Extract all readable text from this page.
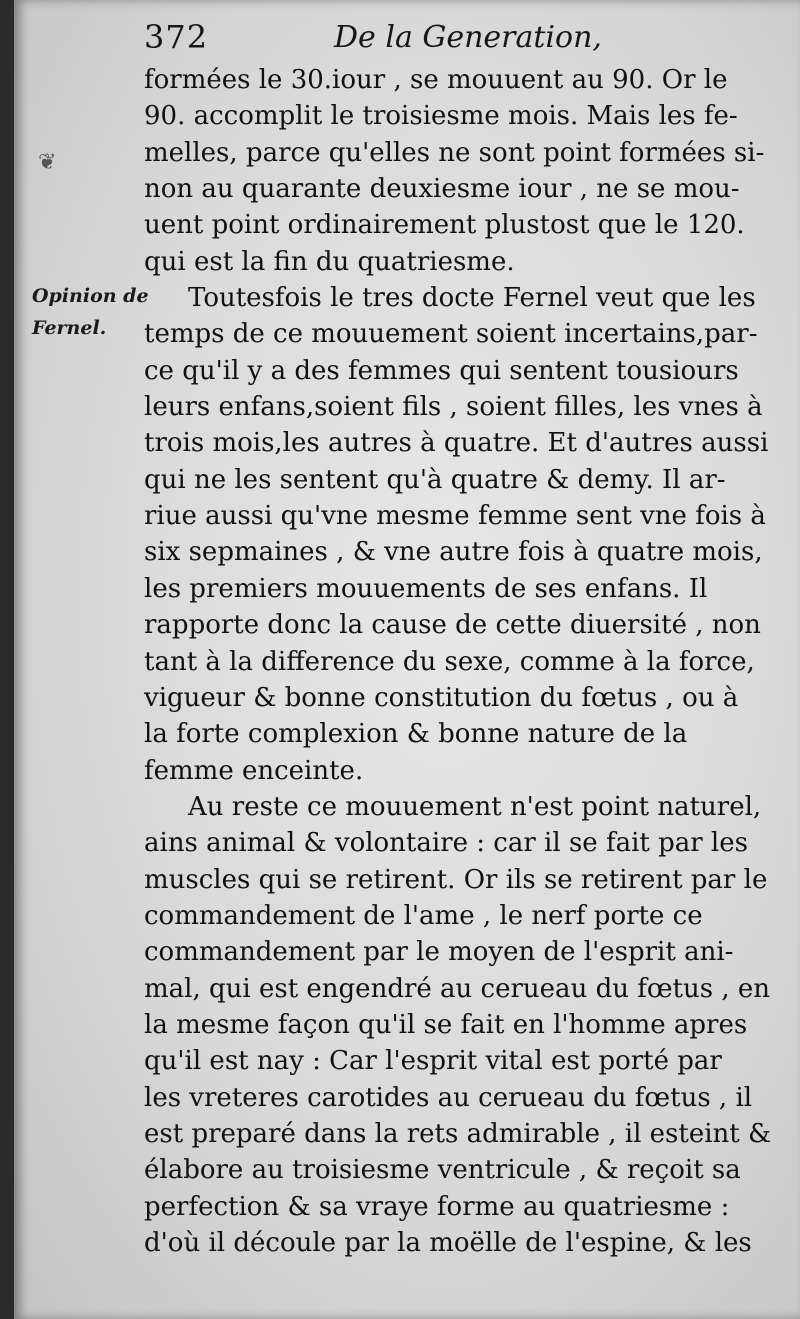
372	De la Generation,
❦
Opinion de
Fernel.
formées le 30.iour , se mouuent au 90. Or le
90. accomplit le troisiesme mois. Mais les fe-
melles, parce qu'elles ne sont point formées si-
non au quarante deuxiesme iour , ne se mou-
uent point ordinairement plustost que le 120.
qui est la fin du quatriesme.
Toutesfois le tres docte Fernel veut que les
temps de ce mouuement soient incertains,par-
ce qu'il y a des femmes qui sentent tousiours
leurs enfans,soient fils , soient filles, les vnes à
trois mois,les autres à quatre. Et d'autres aussi
qui ne les sentent qu'à quatre & demy. Il ar-
riue aussi qu'vne mesme femme sent vne fois à
six sepmaines , & vne autre fois à quatre mois,
les premiers mouuements de ses enfans. Il
rapporte donc la cause de cette diuersité , non
tant à la difference du sexe, comme à la force,
vigueur & bonne constitution du fœtus , ou à
la forte complexion & bonne nature de la
femme enceinte.
Au reste ce mouuement n'est point naturel,
ains animal & volontaire : car il se fait par les
muscles qui se retirent. Or ils se retirent par le
commandement de l'ame , le nerf porte ce
commandement par le moyen de l'esprit ani-
mal, qui est engendré au cerueau du fœtus , en
la mesme façon qu'il se fait en l'homme apres
qu'il est nay : Car l'esprit vital est porté par
les vreteres carotides au cerueau du fœtus , il
est preparé dans la rets admirable , il esteint &
élabore au troisiesme ventricule , & reçoit sa
perfection & sa vraye forme au quatriesme :
d'où il découle par la moëlle de l'espine, & les
